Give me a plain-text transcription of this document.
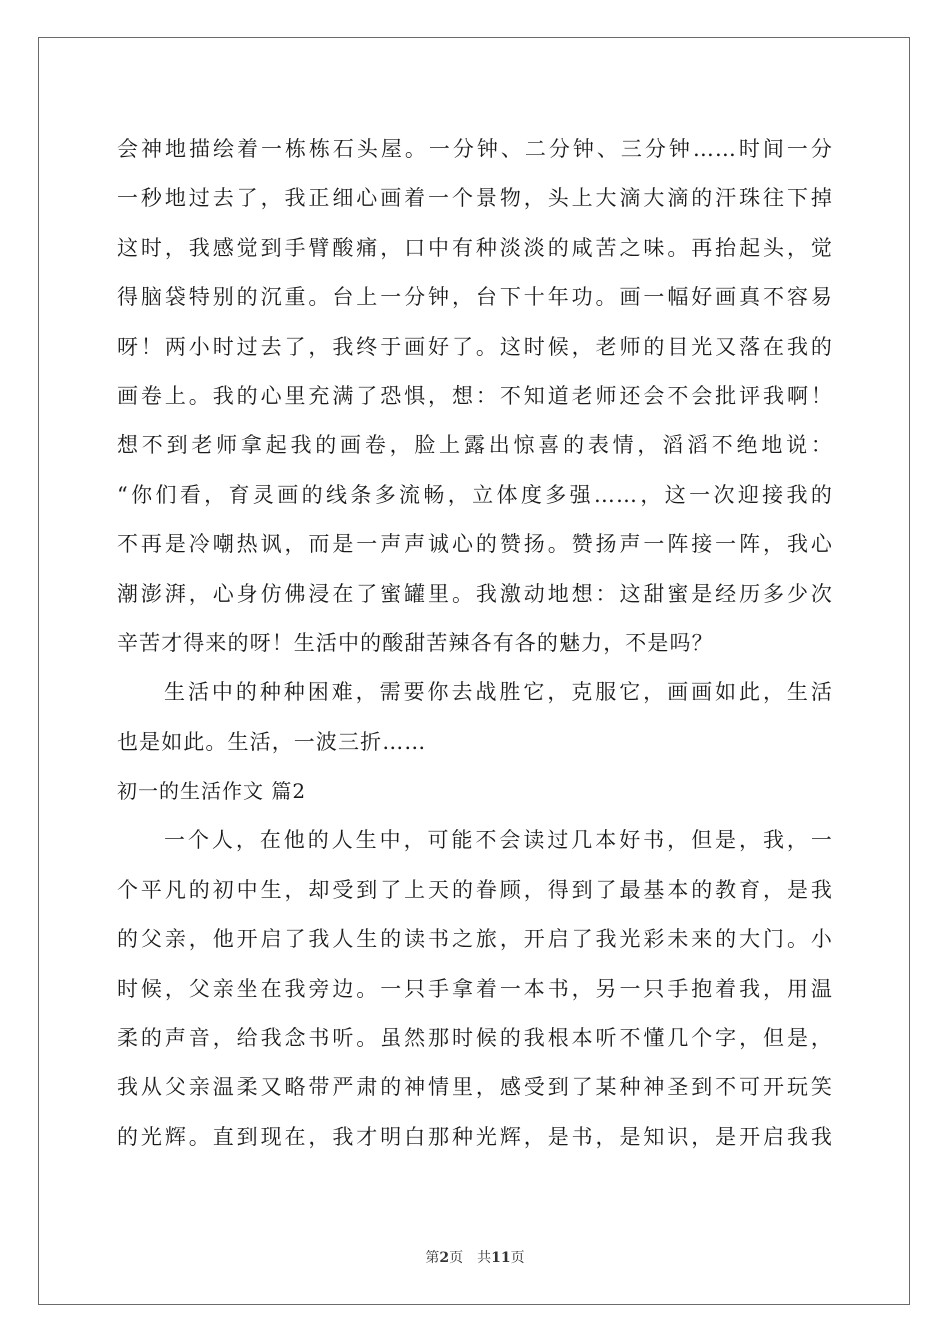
会神地描绘着一栋栋石头屋。一分钟、二分钟、三分钟……时间一分
一秒地过去了，我正细心画着一个景物，头上大滴大滴的汗珠往下掉
这时，我感觉到手臂酸痛，口中有种淡淡的咸苦之味。再抬起头，觉
得脑袋特别的沉重。台上一分钟，台下十年功。画一幅好画真不容易
呀！两小时过去了，我终于画好了。这时候，老师的目光又落在我的
画卷上。我的心里充满了恐惧，想：不知道老师还会不会批评我啊！
想不到老师拿起我的画卷，脸上露出惊喜的表情，滔滔不绝地说：
“你们看，育灵画的线条多流畅，立体度多强……，这一次迎接我的
不再是冷嘲热讽，而是一声声诚心的赞扬。赞扬声一阵接一阵，我心
潮澎湃，心身仿佛浸在了蜜罐里。我激动地想：这甜蜜是经历多少次
辛苦才得来的呀！生活中的酸甜苦辣各有各的魅力，不是吗？
生活中的种种困难，需要你去战胜它，克服它，画画如此，生活
也是如此。生活，一波三折……
初一的生活作文 篇2
一个人，在他的人生中，可能不会读过几本好书，但是，我，一
个平凡的初中生，却受到了上天的眷顾，得到了最基本的教育，是我
的父亲，他开启了我人生的读书之旅，开启了我光彩未来的大门。小
时候，父亲坐在我旁边。一只手拿着一本书，另一只手抱着我，用温
柔的声音，给我念书听。虽然那时候的我根本听不懂几个字，但是，
我从父亲温柔又略带严肃的神情里，感受到了某种神圣到不可开玩笑
的光辉。直到现在，我才明白那种光辉，是书，是知识，是开启我我
第2页 共11页
